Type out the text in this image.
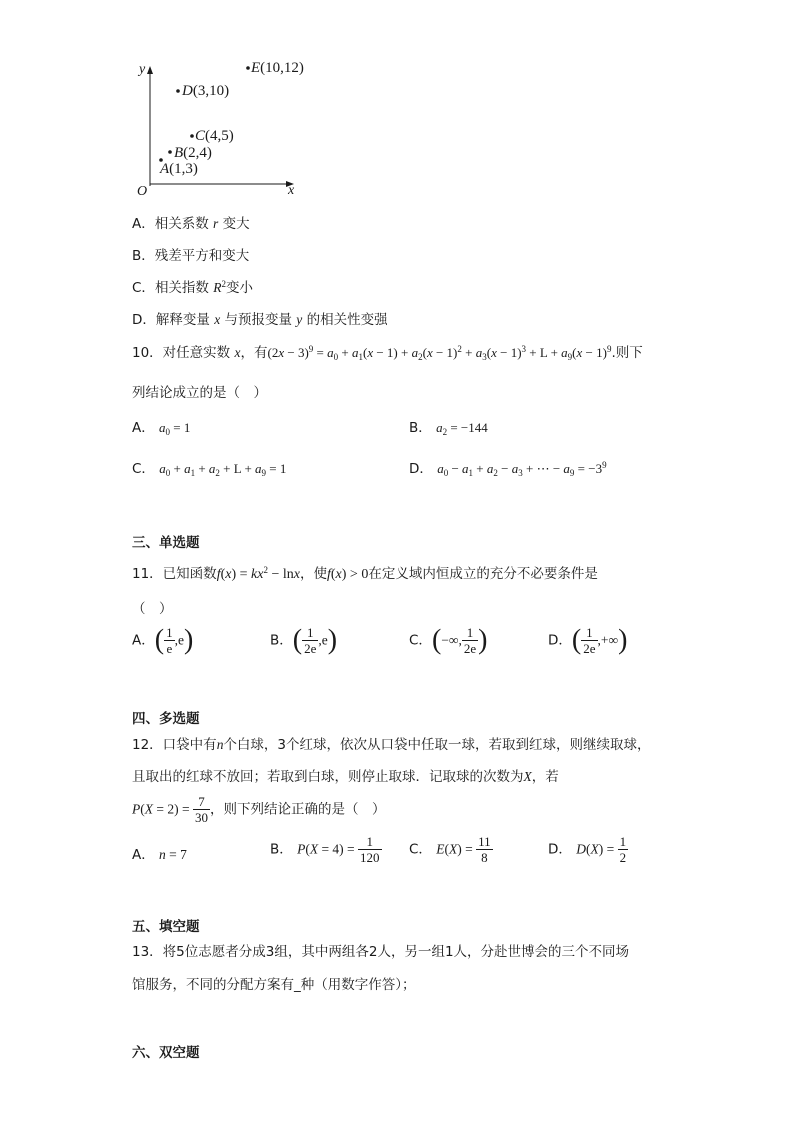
y
x
O
E(10,12)
D(3,10)
C(4,5)
B(2,4)
A(1,3)
A．相关系数 r 变大
B．残差平方和变大
C．相关指数 $R^2$变小
D．解释变量 x 与预报变量 y 的相关性变强
10．对任意实数 x，有$(2x - 3)^9 = a_0 + a_1(x - 1) + a_2(x - 1)^2 + a_3(x - 1)^3 + L + a_9(x - 1)^9$.则下
列结论成立的是（　）
A． $a_0 = 1$	B． $a_2 = -144$
C． $a_0 + a_1 + a_2 + L + a_9 = 1$	D． $a_0 - a_1 + a_2 - a_3$ + ⋯ − $a_9 = -3^9$
三、单选题
11．已知函数$f(x) = kx^2 - \ln x$，使f(x) > 0在定义域内恒成立的充分不必要条件是
（　）
A．( $\frac{1}{e} ,e$)	B．( $\frac{1}{2e} ,e$)	C．(−∞, $\frac{1}{2e}$ )	D．( $\frac{1}{2e}$ ,+∞)
四、多选题
12．口袋中有n个白球，3个红球，依次从口袋中任取一球，若取到红球，则继续取球，
且取出的红球不放回；若取到白球，则停止取球．记取球的次数为X，若
$P(X = 2) = \frac{7}{30}$ ，则下列结论正确的是（　）
A． n = 7	B． $P(X = 4) = \frac{1}{120}$ C． $E(X) = \frac{11}{8}$	D． $D(X) = \frac{1}{2}$
五、填空题
13．将5位志愿者分成3组，其中两组各2人，另一组1人，分赴世博会的三个不同场
馆服务，不同的分配方案有_种（用数字作答）；
六、双空题
